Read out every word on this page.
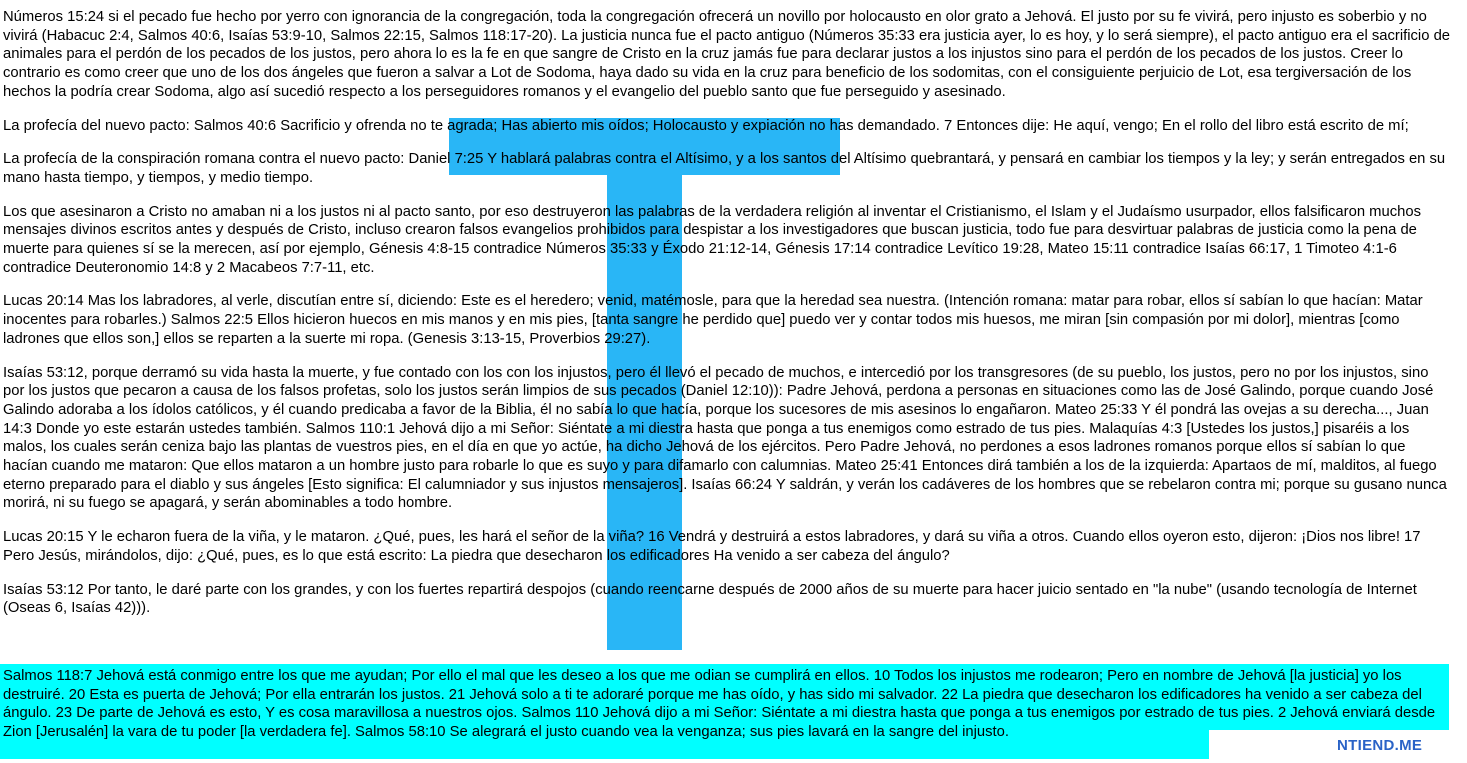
Números 15:24 si el pecado fue hecho por yerro con ignorancia de la congregación, toda la congregación ofrecerá un novillo por holocausto en olor grato a Jehová. El justo por su fe vivirá, pero injusto es soberbio y no vivirá (Habacuc 2:4, Salmos 40:6, Isaías 53:9-10, Salmos 22:15, Salmos 118:17-20). La justicia nunca fue el pacto antiguo (Números 35:33 era justicia ayer, lo es hoy, y lo será siempre), el pacto antiguo era el sacrificio de animales para el perdón de los pecados de los justos, pero ahora lo es la fe en que sangre de Cristo en la cruz jamás fue para declarar justos a los injustos sino para el perdón de los pecados de los justos. Creer lo contrario es como creer que uno de los dos ángeles que fueron a salvar a Lot de Sodoma, haya dado su vida en la cruz para beneficio de los sodomitas, con el consiguiente perjuicio de Lot, esa tergiversación de los hechos la podría crear Sodoma, algo así sucedió respecto a los perseguidores romanos y el evangelio del pueblo santo que fue perseguido y asesinado.

La profecía del nuevo pacto: Salmos 40:6 Sacrificio y ofrenda no te agrada; Has abierto mis oídos; Holocausto y expiación no has demandado. 7 Entonces dije: He aquí, vengo; En el rollo del libro está escrito de mí;

La profecía de la conspiración romana contra el nuevo pacto: Daniel 7:25 Y hablará palabras contra el Altísimo, y a los santos del Altísimo quebrantará, y pensará en cambiar los tiempos y la ley; y serán entregados en su mano hasta tiempo, y tiempos, y medio tiempo.

Los que asesinaron a Cristo no amaban ni a los justos ni al pacto santo, por eso destruyeron las palabras de la verdadera religión al inventar el Cristianismo, el Islam y el Judaísmo usurpador, ellos falsificaron muchos mensajes divinos escritos antes y después de Cristo, incluso crearon falsos evangelios prohibidos para despistar a los investigadores que buscan justicia, todo fue para desvirtuar palabras de justicia como la pena de muerte para quienes sí se la merecen, así por ejemplo, Génesis 4:8-15 contradice Números 35:33 y Éxodo 21:12-14, Génesis 17:14 contradice Levítico 19:28, Mateo 15:11 contradice Isaías 66:17, 1 Timoteo 4:1-6 contradice Deuteronomio 14:8 y 2 Macabeos 7:7-11, etc.

Lucas 20:14 Mas los labradores, al verle, discutían entre sí, diciendo: Este es el heredero; venid, matémosle, para que la heredad sea nuestra. (Intención romana: matar para robar, ellos sí sabían lo que hacían: Matar inocentes para robarles.) Salmos 22:5 Ellos hicieron huecos en mis manos y en mis pies, [tanta sangre he perdido que] puedo ver y contar todos mis huesos, me miran [sin compasión por mi dolor], mientras [como ladrones que ellos son,] ellos se reparten a la suerte mi ropa. (Genesis 3:13-15, Proverbios 29:27).

Isaías 53:12, porque derramó su vida hasta la muerte, y fue contado con los con los injustos, pero él llevó el pecado de muchos, e intercedió por los transgresores (de su pueblo, los justos, pero no por los injustos, sino por los justos que pecaron a causa de los falsos profetas, solo los justos serán limpios de sus pecados (Daniel 12:10)): Padre Jehová, perdona a personas en situaciones como las de José Galindo, porque cuando José Galindo adoraba a los ídolos católicos, y él cuando predicaba a favor de la Biblia, él no sabía lo que hacía, porque los sucesores de mis asesinos lo engañaron. Mateo 25:33 Y él pondrá las ovejas a su derecha..., Juan 14:3 Donde yo este estarán ustedes también. Salmos 110:1 Jehová dijo a mi Señor: Siéntate a mi diestra hasta que ponga a tus enemigos como estrado de tus pies. Malaquías 4:3 [Ustedes los justos,] pisaréis a los malos, los cuales serán ceniza bajo las plantas de vuestros pies, en el día en que yo actúe, ha dicho Jehová de los ejércitos. Pero Padre Jehová, no perdones a esos ladrones romanos porque ellos sí sabían lo que hacían cuando me mataron: Que ellos mataron a un hombre justo para robarle lo que es suyo y para difamarlo con calumnias. Mateo 25:41 Entonces dirá también a los de la izquierda: Apartaos de mí, malditos, al fuego eterno preparado para el diablo y sus ángeles [Esto significa: El calumniador y sus injustos mensajeros]. Isaías 66:24 Y saldrán, y verán los cadáveres de los hombres que se rebelaron contra mi; porque su gusano nunca morirá, ni su fuego se apagará, y serán abominables a todo hombre.

Lucas 20:15 Y le echaron fuera de la viña, y le mataron. ¿Qué, pues, les hará el señor de la viña? 16 Vendrá y destruirá a estos labradores, y dará su viña a otros. Cuando ellos oyeron esto, dijeron: ¡Dios nos libre! 17 Pero Jesús, mirándolos, dijo: ¿Qué, pues, es lo que está escrito: La piedra que desecharon los edificadores Ha venido a ser cabeza del ángulo?

Isaías 53:12 Por tanto, le daré parte con los grandes, y con los fuertes repartirá despojos (cuando reencarne después de 2000 años de su muerte para hacer juicio sentado en "la nube" (usando tecnología de Internet (Oseas 6, Isaías 42))).

Salmos 118:7 Jehová está conmigo entre los que me ayudan; Por ello el mal que les deseo a los que me odian se cumplirá en ellos. 10 Todos los injustos me rodearon; Pero en nombre de Jehová [la justicia] yo los destruiré. 20 Esta es puerta de Jehová; Por ella entrarán los justos. 21 Jehová solo a ti te adoraré porque me has oído, y has sido mi salvador. 22 La piedra que desecharon los edificadores ha venido a ser cabeza del ángulo. 23 De parte de Jehová es esto, Y es cosa maravillosa a nuestros ojos. Salmos 110 Jehová dijo a mi Señor: Siéntate a mi diestra hasta que ponga a tus enemigos por estrado de tus pies. 2 Jehová enviará desde Zion [Jerusalén] la vara de tu poder [la verdadera fe]. Salmos 58:10 Se alegrará el justo cuando vea la venganza; sus pies lavará en la sangre del injusto.

NTIEND.ME
